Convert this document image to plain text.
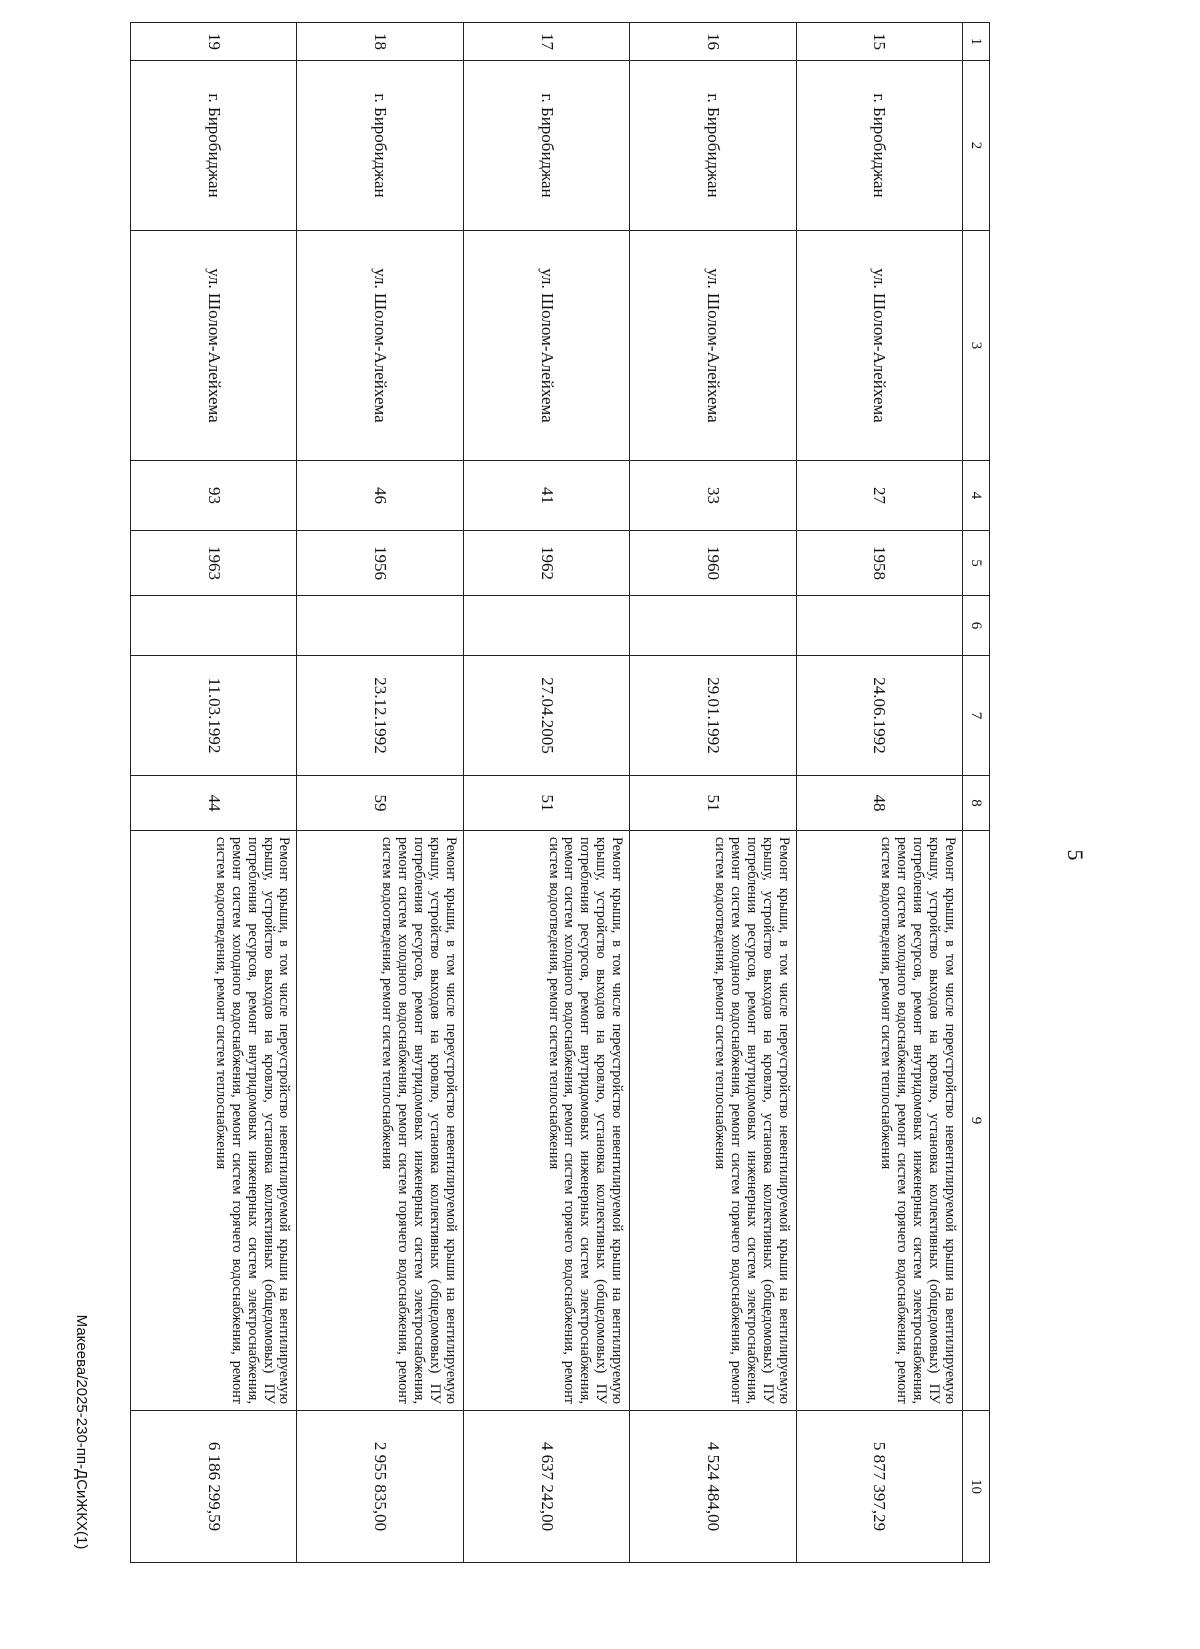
5
Макеева/2025-230-пп-ДСиЖКХ(1)
1	2	3	4	5	6	7	8	9	10
15	г. Биробиджан	ул. Шолом-Алейхема	27	1958		24.06.1992	48	Ремонт крыши, в том числе переустройство невентилируемой крыши на вентилируемую крышу, устройство выходов на кровлю, установка коллективных (общедомовых) ПУ потребления ресурсов, ремонт внутридомовых инженерных систем электроснабжения, ремонт систем холодного водоснабжения, ремонт систем горячего водоснабжения, ремонт систем водоотведения, ремонт систем теплоснабжения	5 877 397,29
16	г. Биробиджан	ул. Шолом-Алейхема	33	1960		29.01.1992	51	Ремонт крыши, в том числе переустройство невентилируемой крыши на вентилируемую крышу, устройство выходов на кровлю, установка коллективных (общедомовых) ПУ потребления ресурсов, ремонт внутридомовых инженерных систем электроснабжения, ремонт систем холодного водоснабжения, ремонт систем горячего водоснабжения, ремонт систем водоотведения, ремонт систем теплоснабжения	4 524 484,00
17	г. Биробиджан	ул. Шолом-Алейхема	41	1962		27.04.2005	51	Ремонт крыши, в том числе переустройство невентилируемой крыши на вентилируемую крышу, устройство выходов на кровлю, установка коллективных (общедомовых) ПУ потребления ресурсов, ремонт внутридомовых инженерных систем электроснабжения, ремонт систем холодного водоснабжения, ремонт систем горячего водоснабжения, ремонт систем водоотведения, ремонт систем теплоснабжения	4 637 242,00
18	г. Биробиджан	ул. Шолом-Алейхема	46	1956		23.12.1992	59	Ремонт крыши, в том числе переустройство невентилируемой крыши на вентилируемую крышу, устройство выходов на кровлю, установка коллективных (общедомовых) ПУ потребления ресурсов, ремонт внутридомовых инженерных систем электроснабжения, ремонт систем холодного водоснабжения, ремонт систем горячего водоснабжения, ремонт систем водоотведения, ремонт систем теплоснабжения	2 955 835,00
19	г. Биробиджан	ул. Шолом-Алейхема	93	1963		11.03.1992	44	Ремонт крыши, в том числе переустройство невентилируемой крыши на вентилируемую крышу, устройство выходов на кровлю, установка коллективных (общедомовых) ПУ потребления ресурсов, ремонт внутридомовых инженерных систем электроснабжения, ремонт систем холодного водоснабжения, ремонт систем горячего водоснабжения, ремонт систем водоотведения, ремонт систем теплоснабжения	6 186 299,59
